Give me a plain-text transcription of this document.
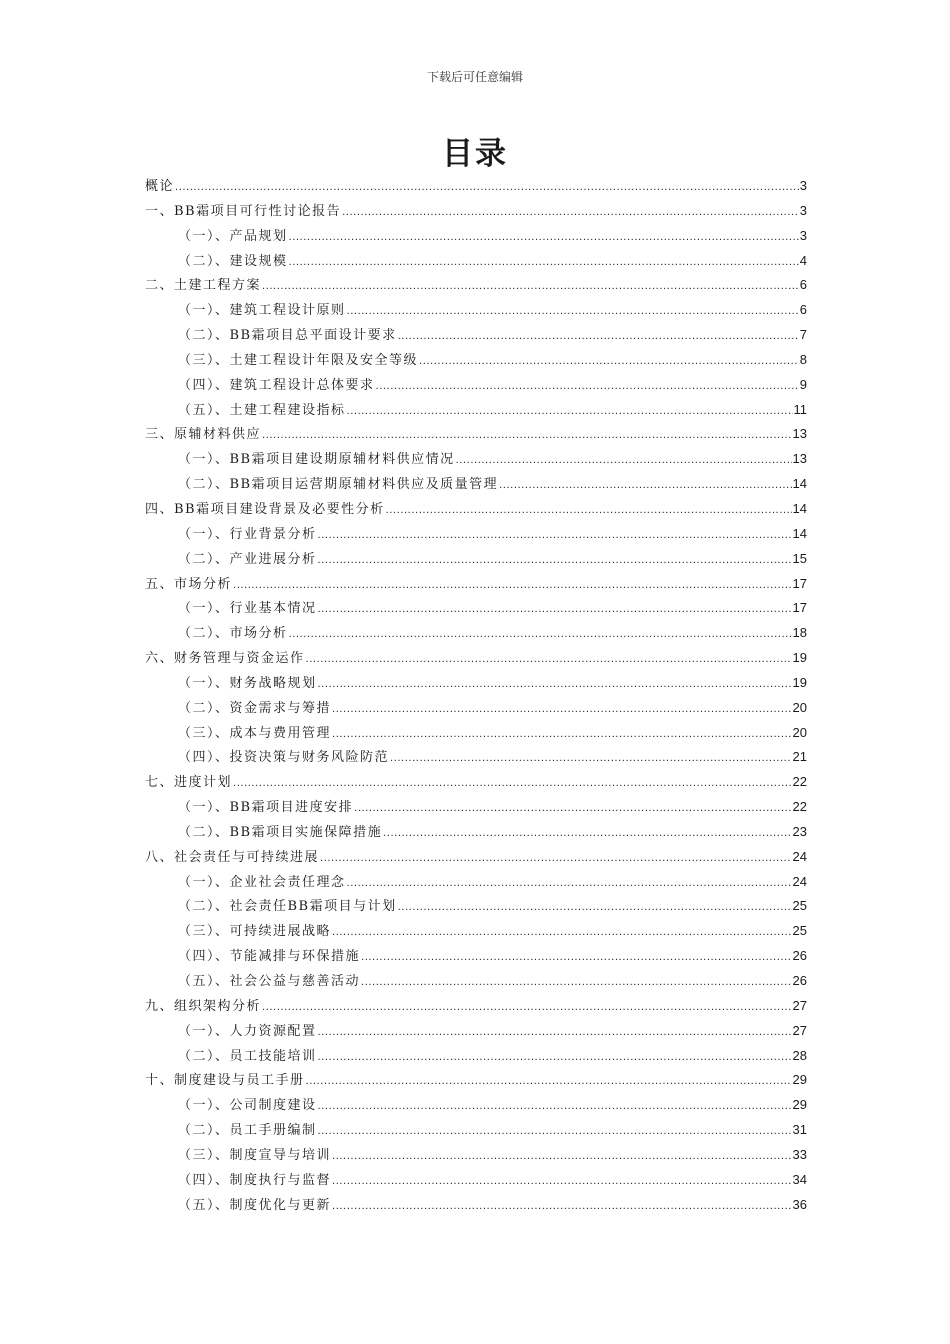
下载后可任意编辑
目录
概论 .....	3
一、BB霜项目可行性讨论报告 .....	3
（一）、产品规划 .....	3
（二）、建设规模 .....	4
二、土建工程方案 .....	6
（一）、建筑工程设计原则 .....	6
（二）、BB霜项目总平面设计要求 .....	7
（三）、土建工程设计年限及安全等级 .....	8
（四）、建筑工程设计总体要求 .....	9
（五）、土建工程建设指标 .....	11
三、原辅材料供应 .....	13
（一）、BB霜项目建设期原辅材料供应情况 .....	13
（二）、BB霜项目运营期原辅材料供应及质量管理 .....	14
四、BB霜项目建设背景及必要性分析 .....	14
（一）、行业背景分析 .....	14
（二）、产业进展分析 .....	15
五、市场分析 .....	17
（一）、行业基本情况 .....	17
（二）、市场分析 .....	18
六、财务管理与资金运作 .....	19
（一）、财务战略规划 .....	19
（二）、资金需求与筹措 .....	20
（三）、成本与费用管理 .....	20
（四）、投资决策与财务风险防范 .....	21
七、进度计划 .....	22
（一）、BB霜项目进度安排 .....	22
（二）、BB霜项目实施保障措施 .....	23
八、社会责任与可持续进展 .....	24
（一）、企业社会责任理念 .....	24
（二）、社会责任BB霜项目与计划 .....	25
（三）、可持续进展战略 .....	25
（四）、节能减排与环保措施 .....	26
（五）、社会公益与慈善活动 .....	26
九、组织架构分析 .....	27
（一）、人力资源配置 .....	27
（二）、员工技能培训 .....	28
十、制度建设与员工手册 .....	29
（一）、公司制度建设 .....	29
（二）、员工手册编制 .....	31
（三）、制度宣导与培训 .....	33
（四）、制度执行与监督 .....	34
（五）、制度优化与更新 .....	36
